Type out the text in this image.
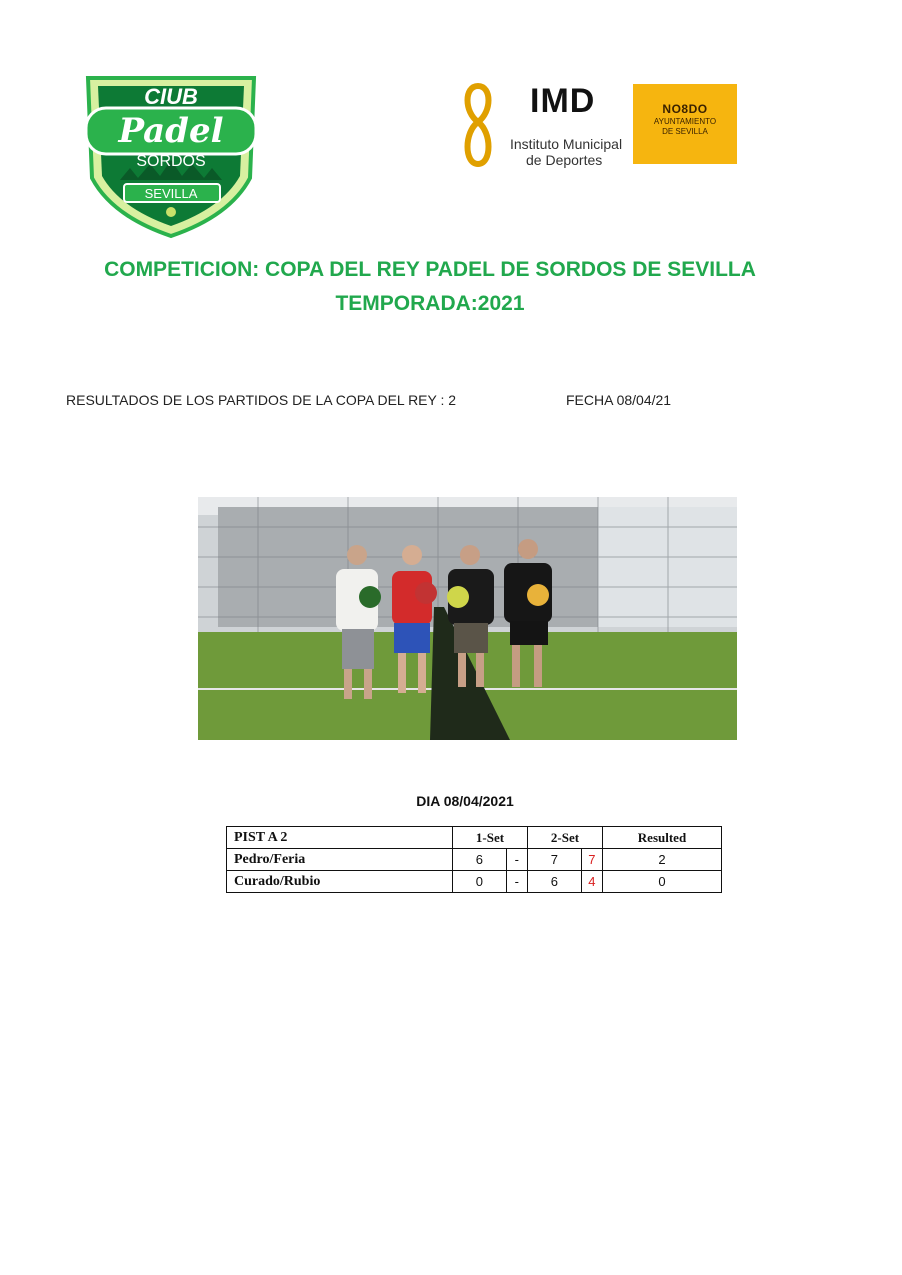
CIUB
Padel
SORDOS
SEVILLA
IMD
Instituto Municipal
de Deportes
NO8DO
AYUNTAMIENTO
DE SEVILLA
COMPETICION: COPA DEL REY PADEL DE SORDOS DE SEVILLA
TEMPORADA:2021
RESULTADOS DE LOS PARTIDOS DE LA COPA DEL REY : 2	FECHA 08/04/21
DIA 08/04/2021
PIST A 2	1-Set		2-Set		Resulted
Pedro/Feria	6	-	7	7	2
Curado/Rubio	0	-	6	4	0
